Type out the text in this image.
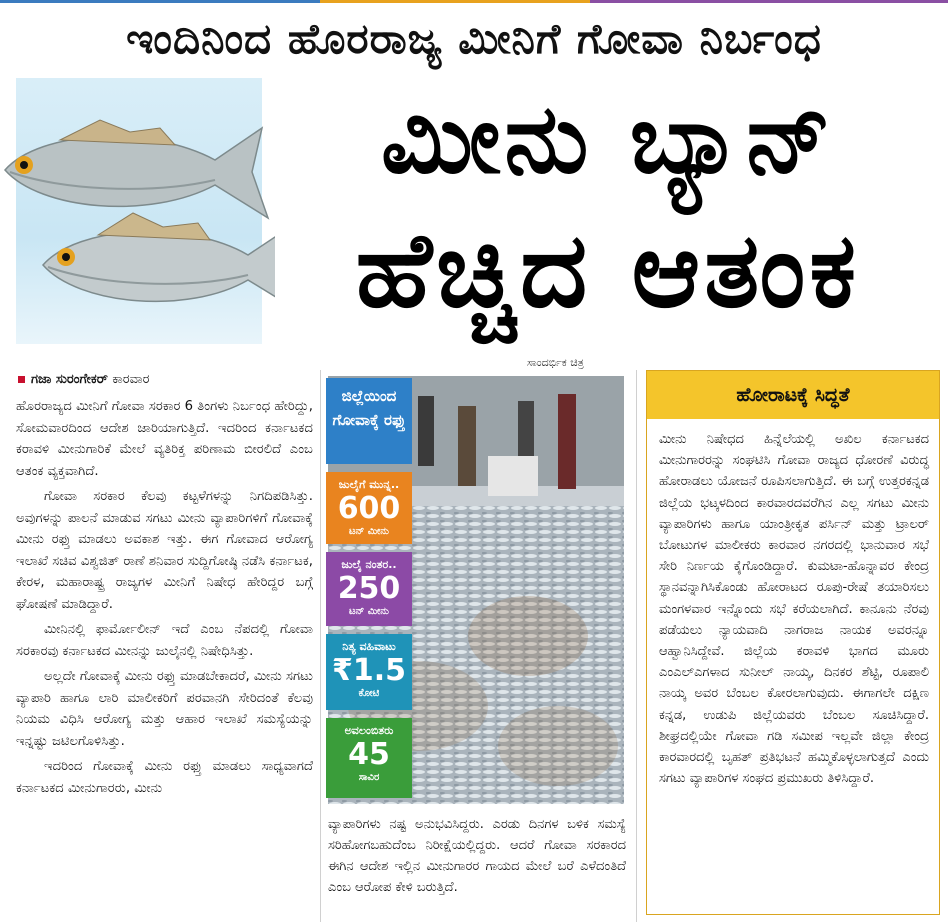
ಇಂದಿನಿಂದ ಹೊರರಾಜ್ಯ ಮೀನಿಗೆ ಗೋವಾ ನಿರ್ಬಂಧ
ಮೀನು ಬ್ಯಾನ್
ಹೆಚ್ಚಿದ ಆತಂಕ
ಗಜಾ ಸುರಂಗೇಕರ್ ಕಾರವಾರ
ಸಾಂದರ್ಭಿಕ ಚಿತ್ರ

ಹೊರರಾಜ್ಯದ ಮೀನಿಗೆ ಗೋವಾ ಸರಕಾರ 6 ತಿಂಗಳು ನಿರ್ಬಂಧ ಹೇರಿದ್ದು, ಸೋಮವಾರದಿಂದ ಆದೇಶ ಜಾರಿಯಾಗುತ್ತಿದೆ. ಇದರಿಂದ ಕರ್ನಾಟಕದ ಕರಾವಳಿ ಮೀನುಗಾರಿಕೆ ಮೇಲೆ ವ್ಯತಿರಿಕ್ತ ಪರಿಣಾಮ ಬೀರಲಿದೆ ಎಂಬ ಆತಂಕ ವ್ಯಕ್ತವಾಗಿದೆ.

ಗೋವಾ ಸರಕಾರ ಕೆಲವು ಕಟ್ಟಳೆಗಳನ್ನು ನಿಗದಿಪಡಿಸಿತ್ತು. ಅವುಗಳನ್ನು ಪಾಲನೆ ಮಾಡುವ ಸಗಟು ಮೀನು ವ್ಯಾಪಾರಿಗಳಿಗೆ ಗೋವಾಕ್ಕೆ ಮೀನು ರಫ್ತು ಮಾಡಲು ಅವಕಾಶ ಇತ್ತು. ಈಗ ಗೋವಾದ ಆರೋಗ್ಯ ಇಲಾಖೆ ಸಚಿವ ವಿಶ್ವಜಿತ್ ರಾಣೆ ಶನಿವಾರ ಸುದ್ದಿಗೋಷ್ಠಿ ನಡೆಸಿ ಕರ್ನಾಟಕ, ಕೇರಳ, ಮಹಾರಾಷ್ಟ್ರ ರಾಜ್ಯಗಳ ಮೀನಿಗೆ ನಿಷೇಧ ಹೇರಿದ್ದರ ಬಗ್ಗೆ ಘೋಷಣೆ ಮಾಡಿದ್ದಾರೆ.

ಮೀನಿನಲ್ಲಿ ಫಾರ್ಮೋಲೀನ್ ಇದೆ ಎಂಬ ನೆಪದಲ್ಲಿ ಗೋವಾ ಸರಕಾರವು ಕರ್ನಾಟಕದ ಮೀನನ್ನು ಜುಲೈನಲ್ಲಿ ನಿಷೇಧಿಸಿತ್ತು.

ಅಲ್ಲದೇ ಗೋವಾಕ್ಕೆ ಮೀನು ರಫ್ತು ಮಾಡಬೇಕಾದರೆ, ಮೀನು ಸಗಟು ವ್ಯಾಪಾರಿ ಹಾಗೂ ಲಾರಿ ಮಾಲೀಕರಿಗೆ ಪರವಾನಗಿ ಸೇರಿದಂತೆ ಕೆಲವು ನಿಯಮ ವಿಧಿಸಿ ಆರೋಗ್ಯ ಮತ್ತು ಆಹಾರ ಇಲಾಖೆ ಸಮಸ್ಯೆಯನ್ನು ಇನ್ನಷ್ಟು ಜಟಿಲಗೊಳಿಸಿತ್ತು.

ಇದರಿಂದ ಗೋವಾಕ್ಕೆ ಮೀನು ರಫ್ತು ಮಾಡಲು ಸಾಧ್ಯವಾಗದೆ ಕರ್ನಾಟಕದ ಮೀನುಗಾರರು, ಮೀನು

ಜಿಲ್ಲೆಯಿಂದ ಗೋವಾಕ್ಕೆ ರಫ್ತು
ಜುಲೈಗೆ ಮುನ್ನ..
600
ಟನ್ ಮೀನು
ಜುಲೈ ನಂತರ..
250
ಟನ್ ಮೀನು
ನಿತ್ಯ ವಹಿವಾಟು
₹1.5
ಕೋಟಿ
ಅವಲಂಬಿತರು
45
ಸಾವಿರ
ವ್ಯಾಪಾರಿಗಳು ನಷ್ಟ ಅನುಭವಿಸಿದ್ದರು. ಎರಡು ದಿನಗಳ ಬಳಿಕ ಸಮಸ್ಯೆ ಸರಿಹೋಗಬಹುದೆಂಬ ನಿರೀಕ್ಷೆಯಲ್ಲಿದ್ದರು. ಆದರೆ ಗೋವಾ ಸರಕಾರದ ಈಗಿನ ಆದೇಶ ಇಲ್ಲಿನ ಮೀನುಗಾರರ ಗಾಯದ ಮೇಲೆ ಬರೆ ಎಳೆದಂತಿದೆ ಎಂಬ ಆರೋಪ ಕೇಳಿ ಬರುತ್ತಿದೆ.
ಹೋರಾಟಕ್ಕೆ ಸಿದ್ಧತೆ
ಮೀನು ನಿಷೇಧದ ಹಿನ್ನೆಲೆಯಲ್ಲಿ ಅಖಿಲ ಕರ್ನಾಟಕದ ಮೀನುಗಾರರನ್ನು ಸಂಘಟಿಸಿ ಗೋವಾ ರಾಜ್ಯದ ಧೋರಣೆ ವಿರುದ್ಧ ಹೋರಾಡಲು ಯೋಜನೆ ರೂಪಿಸಲಾಗುತ್ತಿದೆ. ಈ ಬಗ್ಗೆ ಉತ್ತರಕನ್ನಡ ಜಿಲ್ಲೆಯ ಭಟ್ಕಳದಿಂದ ಕಾರವಾರದವರೆಗಿನ ಎಲ್ಲ ಸಗಟು ಮೀನು ವ್ಯಾಪಾರಿಗಳು ಹಾಗೂ ಯಾಂತ್ರೀಕೃತ ಪರ್ಸಿನ್ ಮತ್ತು ಟ್ರಾಲರ್ ಬೋಟುಗಳ ಮಾಲೀಕರು ಕಾರವಾರ ನಗರದಲ್ಲಿ ಭಾನುವಾರ ಸಭೆ ಸೇರಿ ನಿರ್ಣಯ ಕೈಗೊಂಡಿದ್ದಾರೆ. ಕುಮಟಾ-ಹೊನ್ನಾವರ ಕೇಂದ್ರ ಸ್ಥಾನವನ್ನಾಗಿಸಿಕೊಂಡು ಹೋರಾಟದ ರೂಪು-ರೇಷೆ ತಯಾರಿಸಲು ಮಂಗಳವಾರ ಇನ್ನೊಂದು ಸಭೆ ಕರೆಯಲಾಗಿದೆ. ಕಾನೂನು ನೆರವು ಪಡೆಯಲು ನ್ಯಾಯವಾದಿ ನಾಗರಾಜ ನಾಯಕ ಅವರನ್ನೂ ಆಹ್ವಾನಿಸಿದ್ದೇವೆ. ಜಿಲ್ಲೆಯ ಕರಾವಳಿ ಭಾಗದ ಮೂರು ಎಂಎಲ್ಎಗಳಾದ ಸುನೀಲ್ ನಾಯ್ಕ, ದಿನಕರ ಶೆಟ್ಟಿ, ರೂಪಾಲಿ ನಾಯ್ಕ ಅವರ ಬೆಂಬಲ ಕೋರಲಾಗುವುದು. ಈಗಾಗಲೇ ದಕ್ಷಿಣ ಕನ್ನಡ, ಉಡುಪಿ ಜಿಲ್ಲೆಯವರು ಬೆಂಬಲ ಸೂಚಿಸಿದ್ದಾರೆ. ಶೀಘ್ರದಲ್ಲಿಯೇ ಗೋವಾ ಗಡಿ ಸಮೀಪ ಇಲ್ಲವೇ ಜಿಲ್ಲಾ ಕೇಂದ್ರ ಕಾರವಾರದಲ್ಲಿ ಬೃಹತ್ ಪ್ರತಿಭಟನೆ ಹಮ್ಮಿಕೊಳ್ಳಲಾಗುತ್ತದೆ ಎಂದು ಸಗಟು ವ್ಯಾಪಾರಿಗಳ ಸಂಘದ ಪ್ರಮುಖರು ತಿಳಿಸಿದ್ದಾರೆ.
